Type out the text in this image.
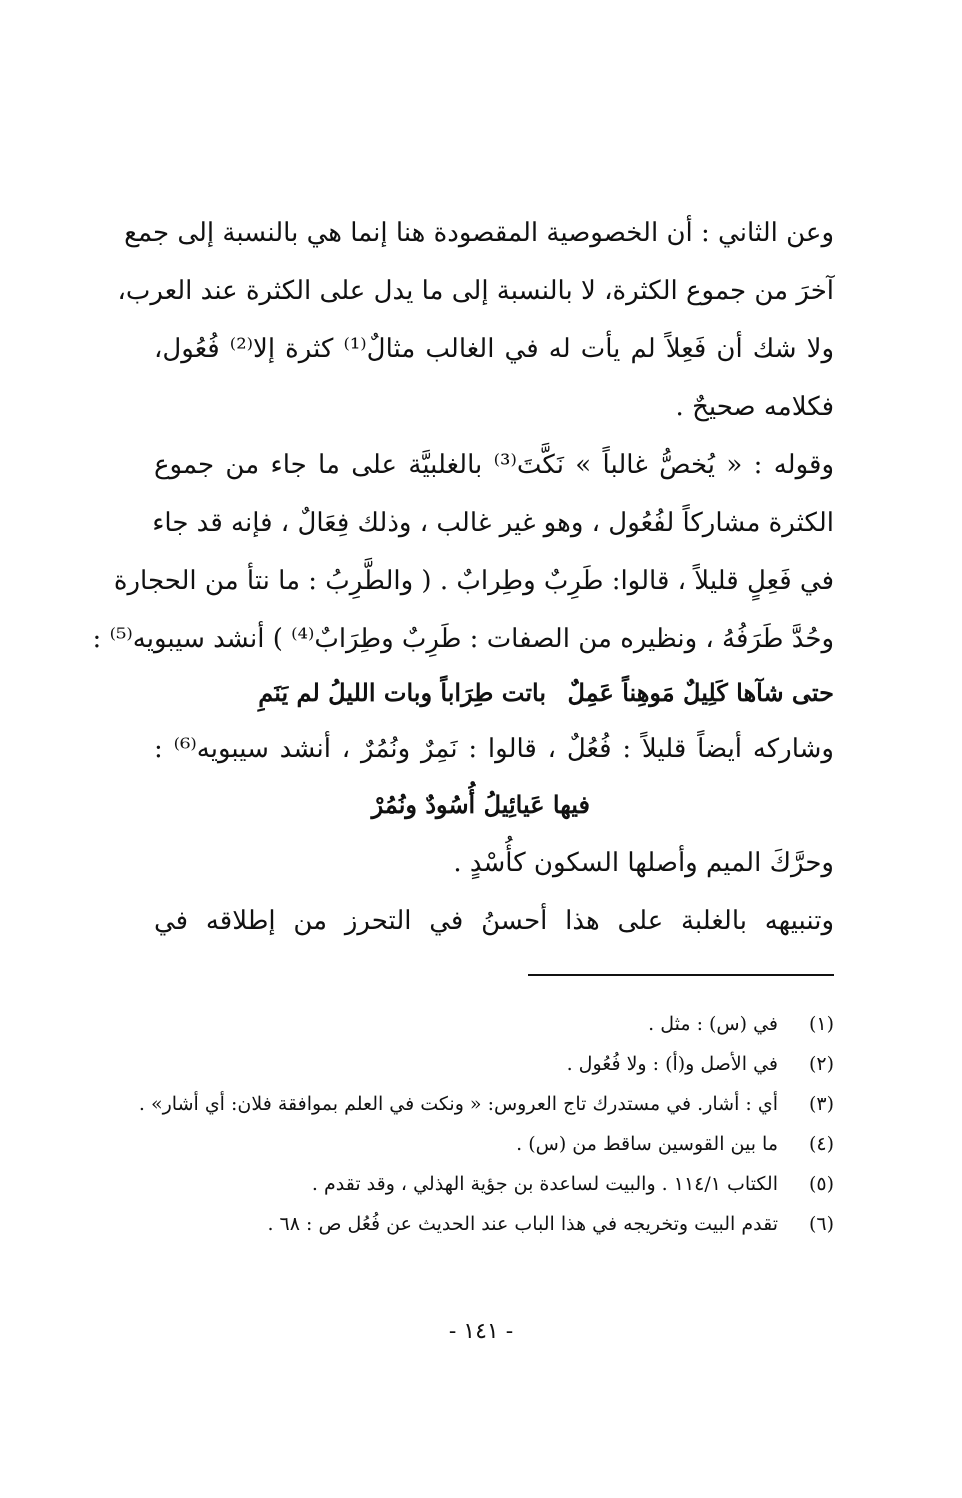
وعن الثاني : أن الخصوصية المقصودة هنا إنما هي بالنسبة إلى جمع
آخرَ من جموع الكثرة، لا بالنسبة إلى ما يدل على الكثرة عند العرب،
ولا شك أن فَعِلاً لم يأت له في الغالب مثالٌ⁽¹⁾ كثرة إلا⁽²⁾ فُعُول،
فكلامه صحيحٌ .
وقوله : « يُخصُّ غالباً » نَكَّتَ⁽³⁾ بالغلبيَّة على ما جاء من جموع
الكثرة مشاركاً لفُعُول ، وهو غير غالب ، وذلك فِعَالٌ ، فإنه قد جاء
في فَعِلٍ قليلاً ، قالوا: طَرِبٌ وطِرابٌ . ( والطَّرِبُ : ما نتأ من الحجارة
وحُدَّ طَرَفُهُ ، ونظيره من الصفات : طَرِبٌ وطِرَابٌ⁽⁴⁾ ) أنشد سيبويه⁽⁵⁾ :
حتى شآها كَلِيلٌ مَوهِناً عَمِلٌ
باتت طِرَاباً وبات الليلُ لم يَنَمِ
وشاركه أيضاً قليلاً : فُعُلٌ ، قالوا : نَمِرٌ ونُمُرٌ ، أنشد سيبويه⁽⁶⁾ :
فيها عَيائِيلُ أُسُودٌ ونُمُرْ
وحرَّكَ الميم وأصلها السكون كأُسْدٍ .
وتنبيهه بالغلبة على هذا أحسنُ في التحرز من إطلاقه في
(١)في (س) : مثل .
(٢)في الأصل و(أ) : ولا فُعُول .
(٣)أي : أشار. في مستدرك تاج العروس: « ونكت في العلم بموافقة فلان: أي أشار» .
(٤)ما بين القوسين ساقط من (س) .
(٥)الكتاب ١١٤/١ . والبيت لساعدة بن جؤية الهذلي ، وقد تقدم .
(٦)تقدم البيت وتخريجه في هذا الباب عند الحديث عن فُعُل ص : ٦٨ .
- ١٤١ -
